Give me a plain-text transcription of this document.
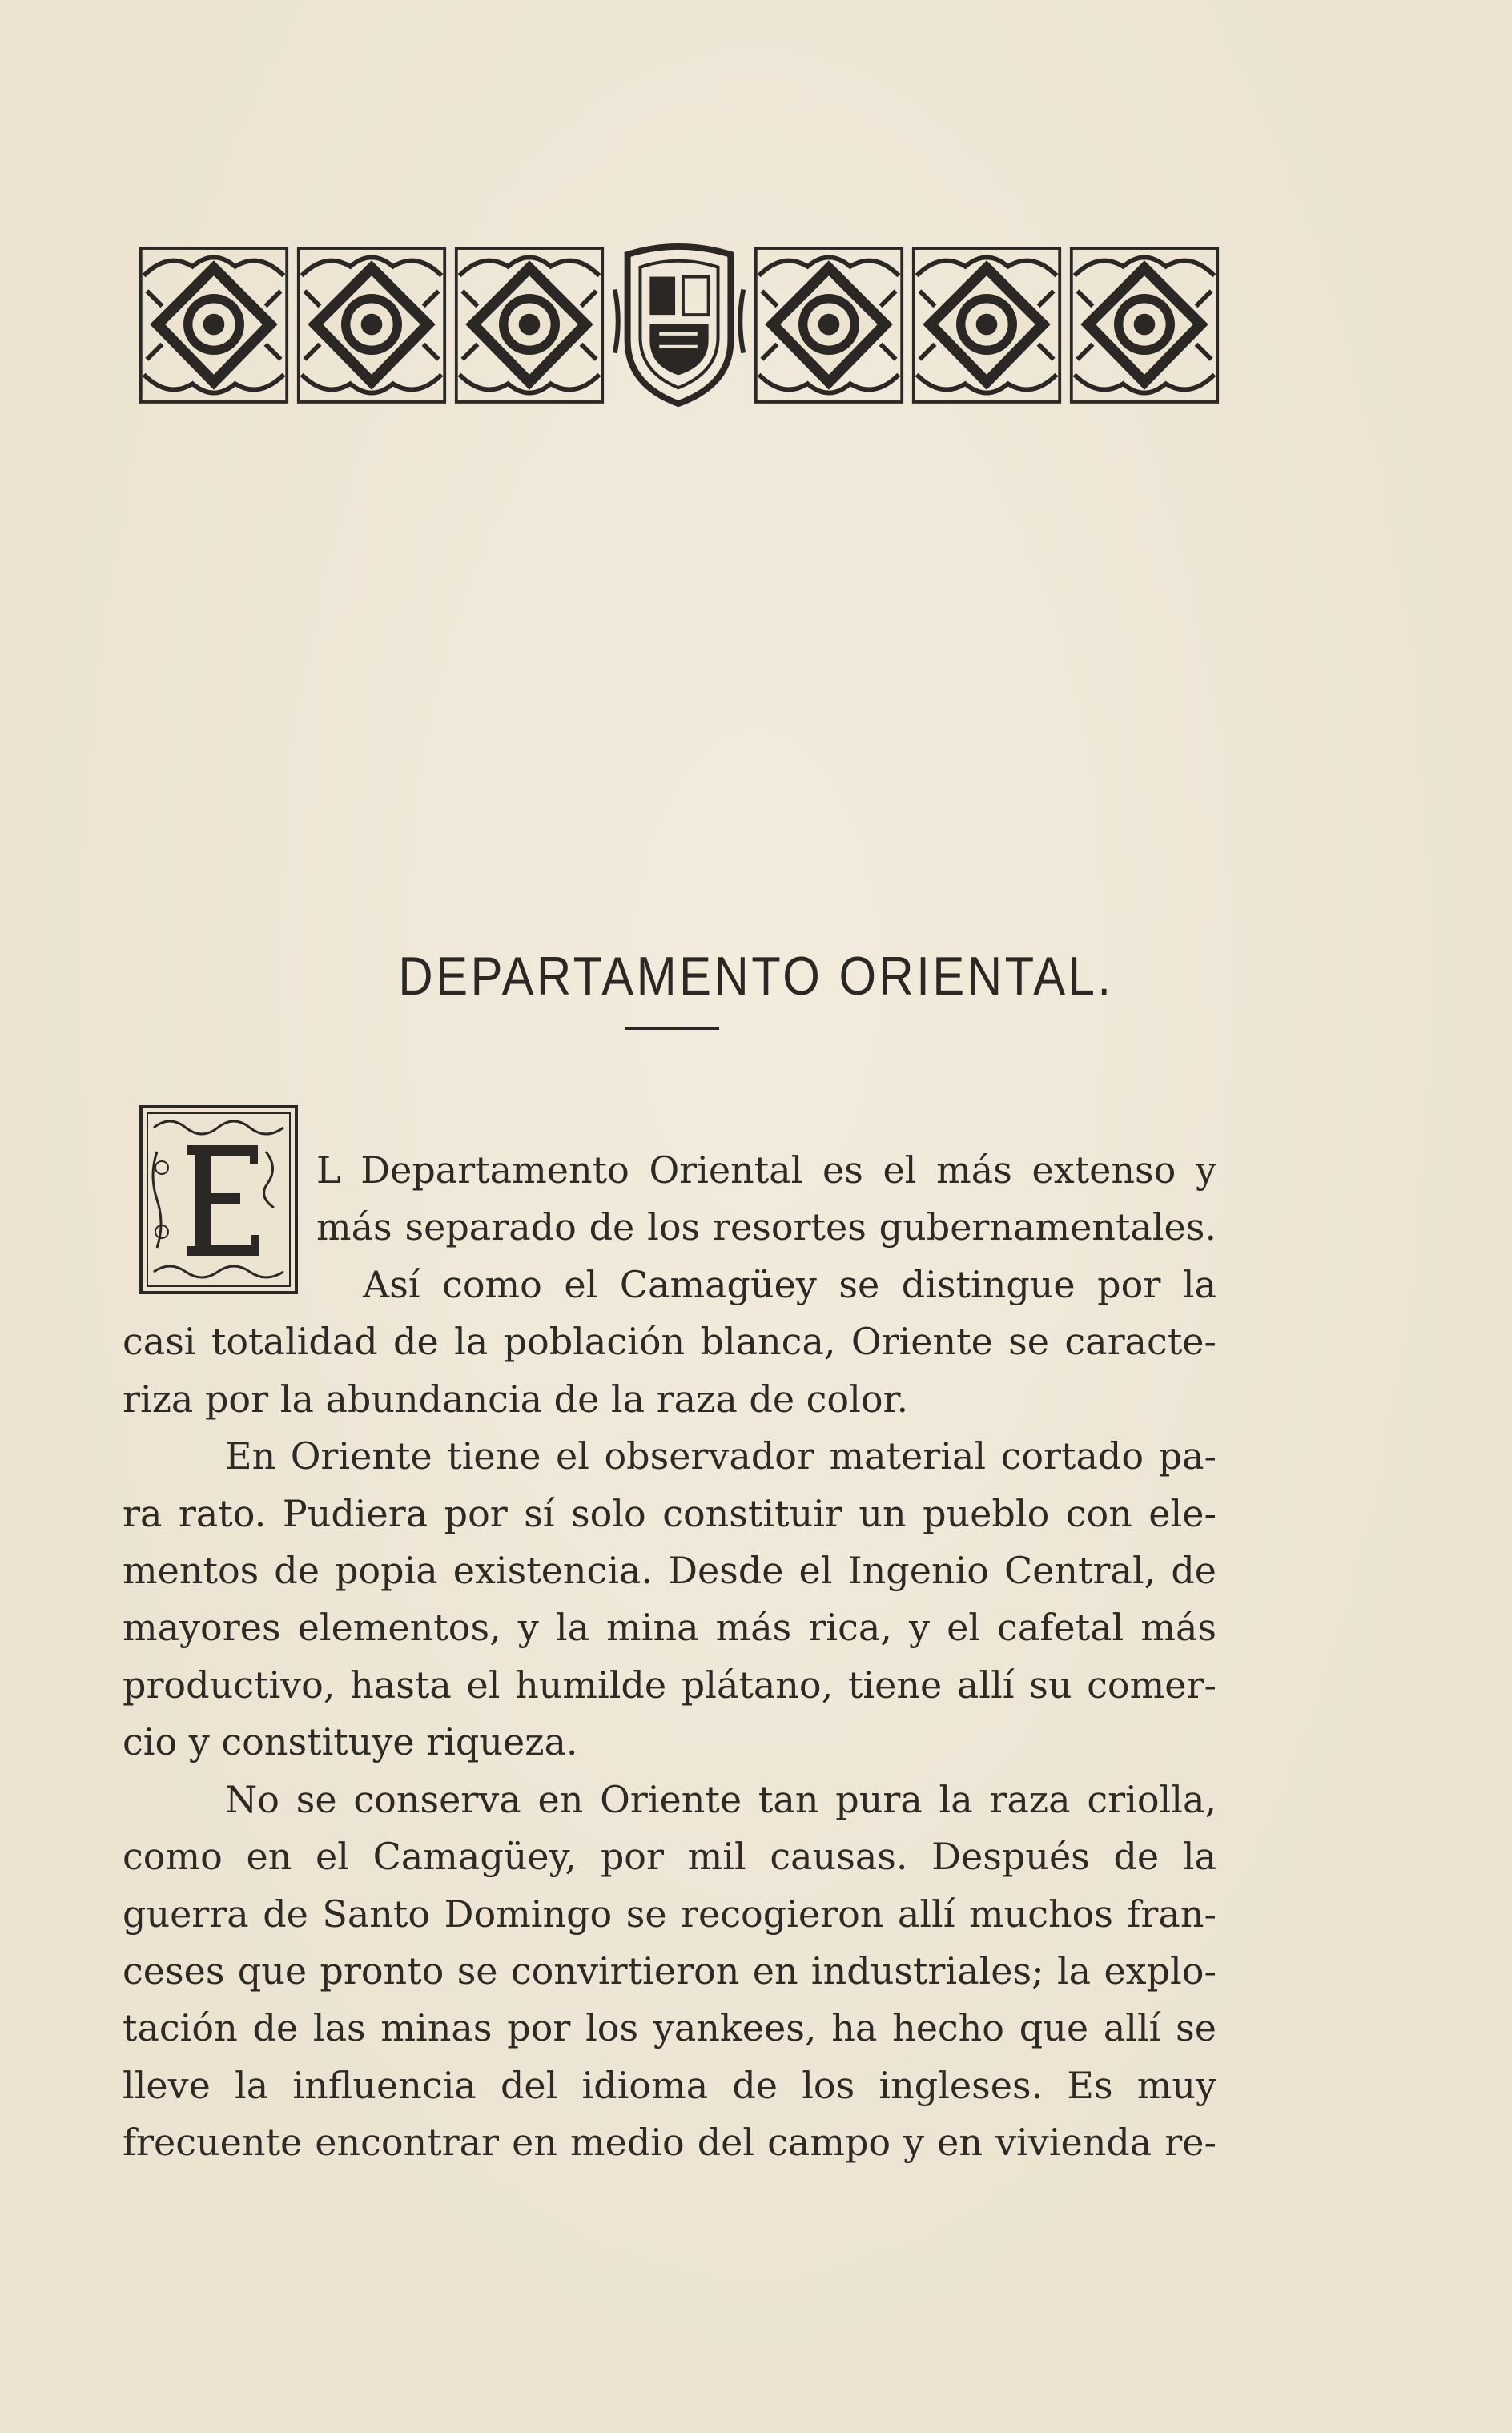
DEPARTAMENTO ORIENTAL.
L Departamento Oriental es el más extenso y
más separado de los resortes gubernamentales.
Así como el Camagüey se distingue por la
casi totalidad de la población blanca, Oriente se caracte-
riza por la abundancia de la raza de color.
En Oriente tiene el observador material cortado pa-
ra rato. Pudiera por sí solo constituir un pueblo con ele-
mentos de popia existencia. Desde el Ingenio Central, de
mayores elementos, y la mina más rica, y el cafetal más
productivo, hasta el humilde plátano, tiene allí su comer-
cio y constituye riqueza.
No se conserva en Oriente tan pura la raza criolla,
como en el Camagüey, por mil causas. Después de la
guerra de Santo Domingo se recogieron allí muchos fran-
ceses que pronto se convirtieron en industriales; la explo-
tación de las minas por los yankees, ha hecho que allí se
lleve la influencia del idioma de los ingleses. Es muy
frecuente encontrar en medio del campo y en vivienda re-
